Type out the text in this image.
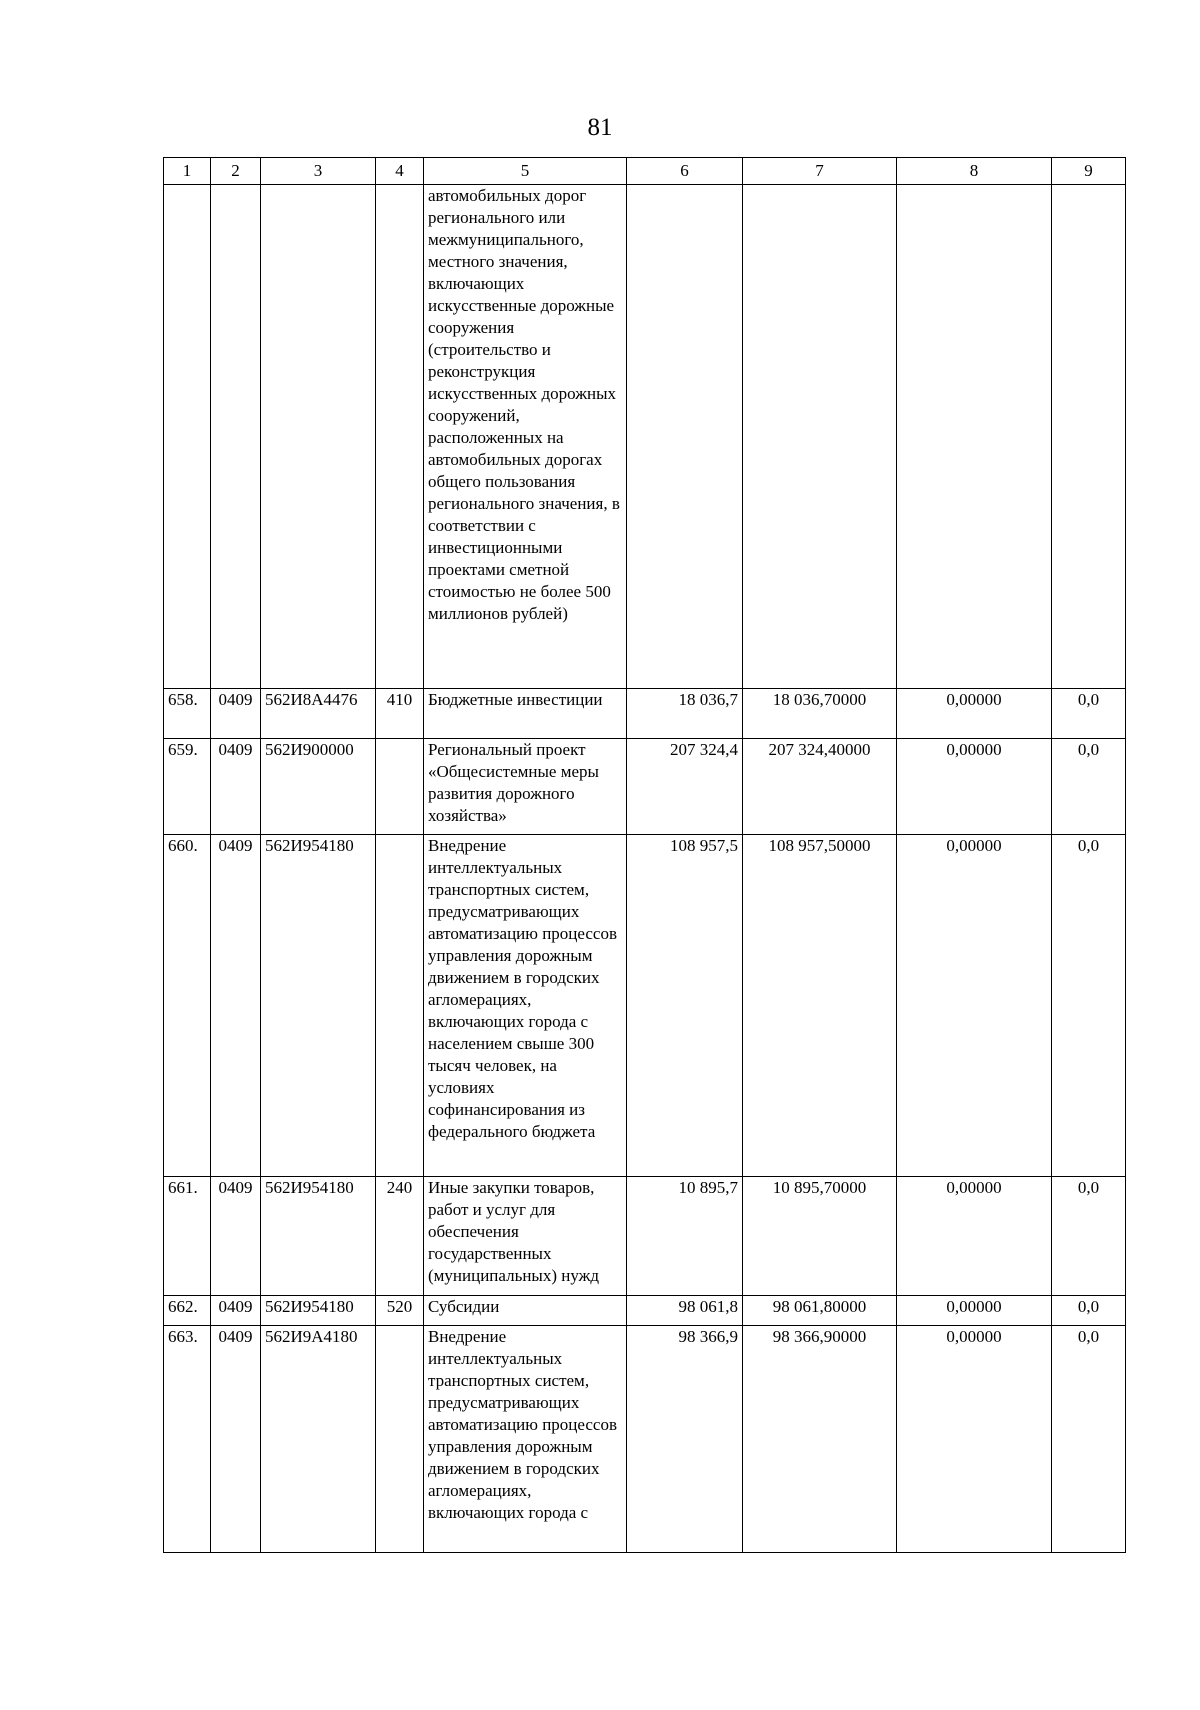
81
1	2	3	4	5	6	7	8	9
				автомобильных дорог регионального или межмуниципального, местного значения, включающих искусственные дорожные сооружения (строительство и реконструкция искусственных дорожных сооружений, расположенных на автомобильных дорогах общего пользования регионального значения, в соответствии с инвестиционными проектами сметной стоимостью не более 500 миллионов рублей)				
658.	0409	562И8А4476	410	Бюджетные инвестиции	18 036,7	18 036,70000	0,00000	0,0
659.	0409	562И900000		Региональный проект «Общесистемные меры развития дорожного хозяйства»	207 324,4	207 324,40000	0,00000	0,0
660.	0409	562И954180		Внедрение интеллектуальных транспортных систем, предусматривающих автоматизацию процессов управления дорожным движением в городских агломерациях, включающих города с населением свыше 300 тысяч человек, на условиях софинансирования из федерального бюджета	108 957,5	108 957,50000	0,00000	0,0
661.	0409	562И954180	240	Иные закупки товаров, работ и услуг для обеспечения государственных (муниципальных) нужд	10 895,7	10 895,70000	0,00000	0,0
662.	0409	562И954180	520	Субсидии	98 061,8	98 061,80000	0,00000	0,0
663.	0409	562И9А4180		Внедрение интеллектуальных транспортных систем, предусматривающих автоматизацию процессов управления дорожным движением в городских агломерациях, включающих города с	98 366,9	98 366,90000	0,00000	0,0
